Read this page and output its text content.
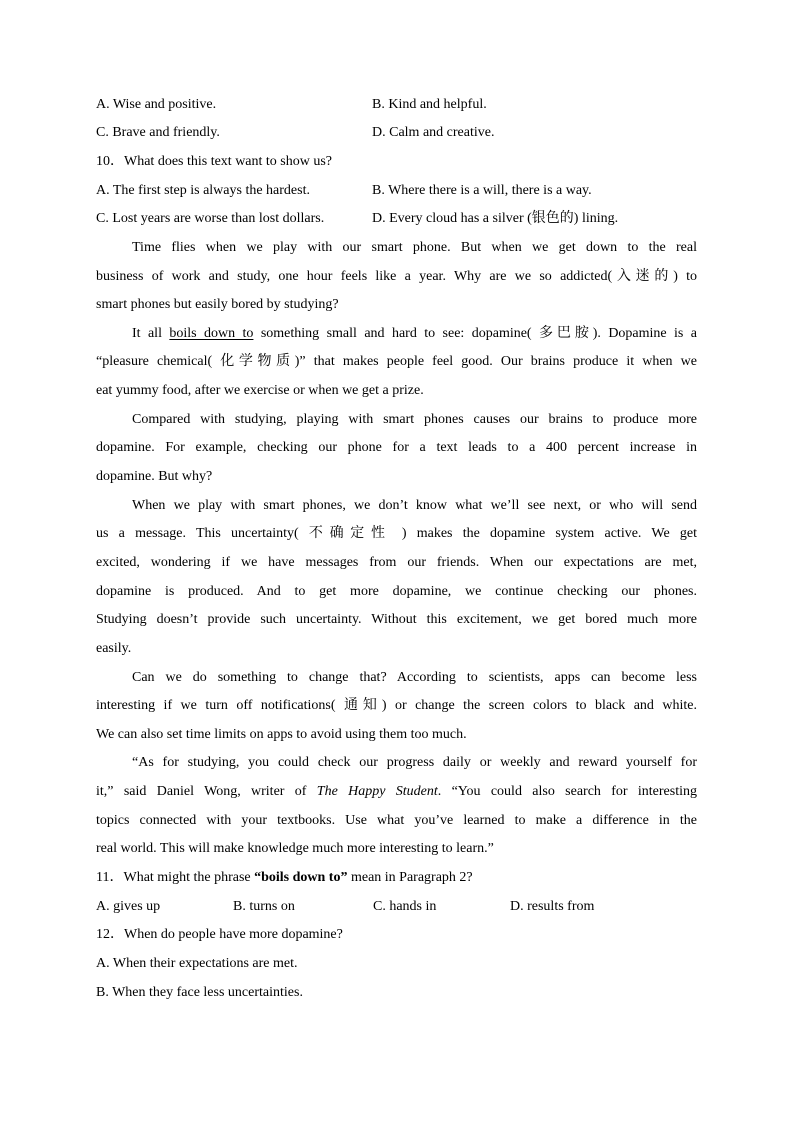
A. Wise and positive.	B. Kind and helpful.
C. Brave and friendly.	D. Calm and creative.
10．What does this text want to show us?
A. The first step is always the hardest.	B. Where there is a will, there is a way.
C. Lost years are worse than lost dollars.	D. Every cloud has a silver (银色的) lining.
Time flies when we play with our smart phone. But when we get down to the real
business of work and study, one hour feels like a year. Why are we so addicted(入迷的) to
smart phones but easily bored by studying?
It all boils down to something small and hard to see: dopamine( 多巴胺). Dopamine is a
“pleasure chemical( 化学物质)” that makes people feel good. Our brains produce it when we
eat yummy food, after we exercise or when we get a prize.
Compared with studying, playing with smart phones causes our brains to produce more
dopamine. For example, checking our phone for a text leads to a 400 percent increase in
dopamine. But why?
When we play with smart phones, we don’t know what we’ll see next, or who will send
us a message. This uncertainty( 不确定性 ) makes the dopamine system active. We get
excited, wondering if we have messages from our friends. When our expectations are met,
dopamine is produced. And to get more dopamine, we continue checking our phones.
Studying doesn’t provide such uncertainty. Without this excitement, we get bored much more
easily.
Can we do something to change that? According to scientists, apps can become less
interesting if we turn off notifications( 通知) or change the screen colors to black and white.
We can also set time limits on apps to avoid using them too much.
“As for studying, you could check our progress daily or weekly and reward yourself for
it,” said Daniel Wong, writer of The Happy Student. “You could also search for interesting
topics connected with your textbooks. Use what you’ve learned to make a difference in the
real world. This will make knowledge much more interesting to learn.”
11．What might the phrase “boils down to” mean in Paragraph 2?
A. gives up	B. turns on	C. hands in	D. results from
12．When do people have more dopamine?
A. When their expectations are met.
B. When they face less uncertainties.
